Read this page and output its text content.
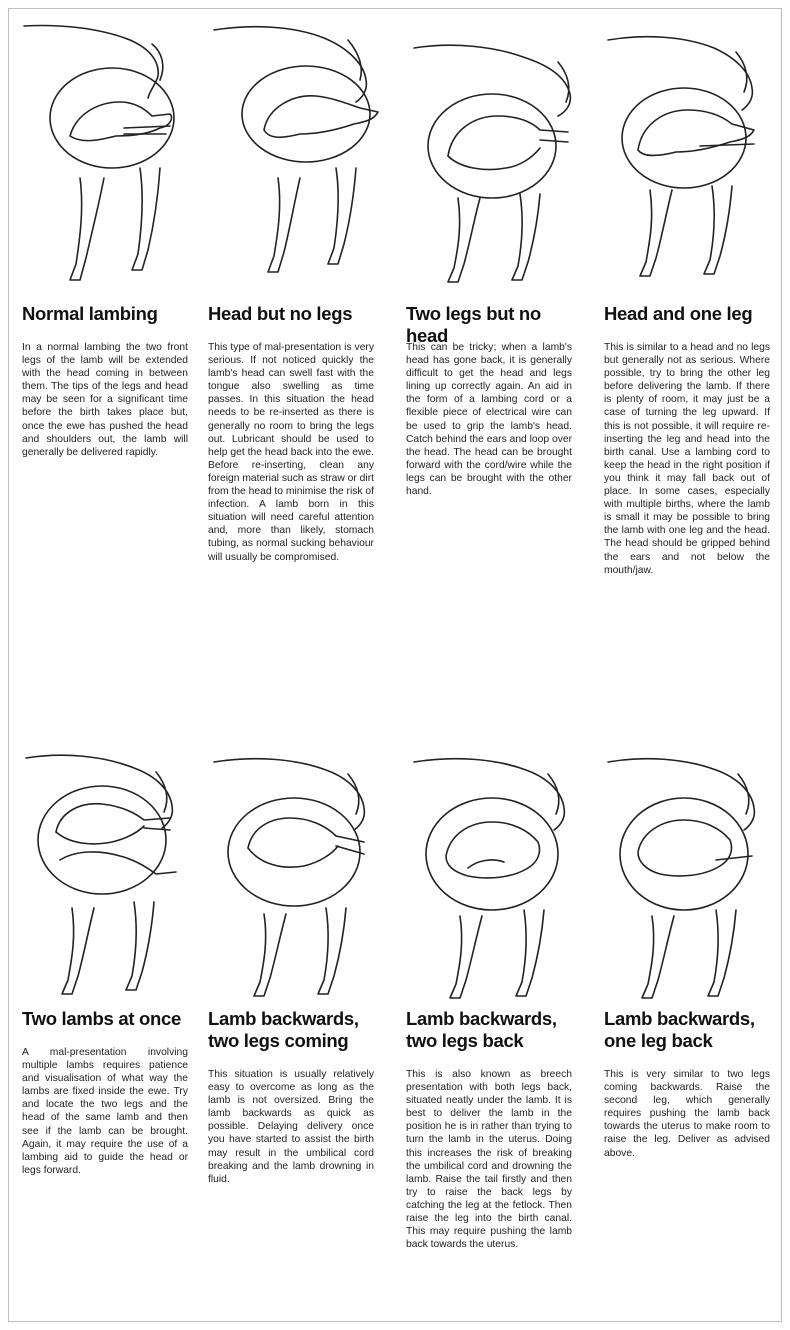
Normal lambing

In a normal lambing the two front legs of the lamb will be extended with the head coming in between them. The tips of the legs and head may be seen for a significant time before the birth takes place but, once the ewe has pushed the head and shoulders out, the lamb will generally be delivered rapidly.

Head but no legs

This type of mal-presentation is very serious. If not noticed quickly the lamb's head can swell fast with the tongue also swelling as time passes. In this situation the head needs to be re-inserted as there is generally no room to bring the legs out. Lubricant should be used to help get the head back into the ewe. Before re-inserting, clean any foreign material such as straw or dirt from the head to minimise the risk of infection. A lamb born in this situation will need careful attention and, more than likely, stomach tubing, as normal sucking behaviour will usually be compromised.

Two legs but no head

This can be tricky; when a lamb's head has gone back, it is generally difficult to get the head and legs lining up correctly again. An aid in the form of a lambing cord or a flexible piece of electrical wire can be used to grip the lamb's head. Catch behind the ears and loop over the head. The head can be brought forward with the cord/wire while the legs can be brought with the other hand.

Head and one leg

This is similar to a head and no legs but generally not as serious. Where possible, try to bring the other leg before delivering the lamb. If there is plenty of room, it may just be a case of turning the leg upward. If this is not possible, it will require re-inserting the leg and head into the birth canal. Use a lambing cord to keep the head in the right position if you think it may fall back out of place. In some cases, especially with multiple births, where the lamb is small it may be possible to bring the lamb with one leg and the head. The head should be gripped behind the ears and not below the mouth/jaw.

Two lambs at once

A mal-presentation involving multiple lambs requires patience and visualisation of what way the lambs are fixed inside the ewe. Try and locate the two legs and the head of the same lamb and then see if the lamb can be brought. Again, it may require the use of a lambing aid to guide the head or legs forward.

Lamb backwards,
two legs coming

This situation is usually relatively easy to overcome as long as the lamb is not oversized. Bring the lamb backwards as quick as possible. Delaying delivery once you have started to assist the birth may result in the umbilical cord breaking and the lamb drowning in fluid.

Lamb backwards,
two legs back

This is also known as breech presentation with both legs back, situated neatly under the lamb. It is best to deliver the lamb in the position he is in rather than trying to turn the lamb in the uterus. Doing this increases the risk of breaking the umbilical cord and drowning the lamb. Raise the tail firstly and then try to raise the back legs by catching the leg at the fetlock. Then raise the leg into the birth canal. This may require pushing the lamb back towards the uterus.

Lamb backwards,
one leg back

This is very similar to two legs coming backwards. Raise the second leg, which generally requires pushing the lamb back towards the uterus to make room to raise the leg. Deliver as advised above.
